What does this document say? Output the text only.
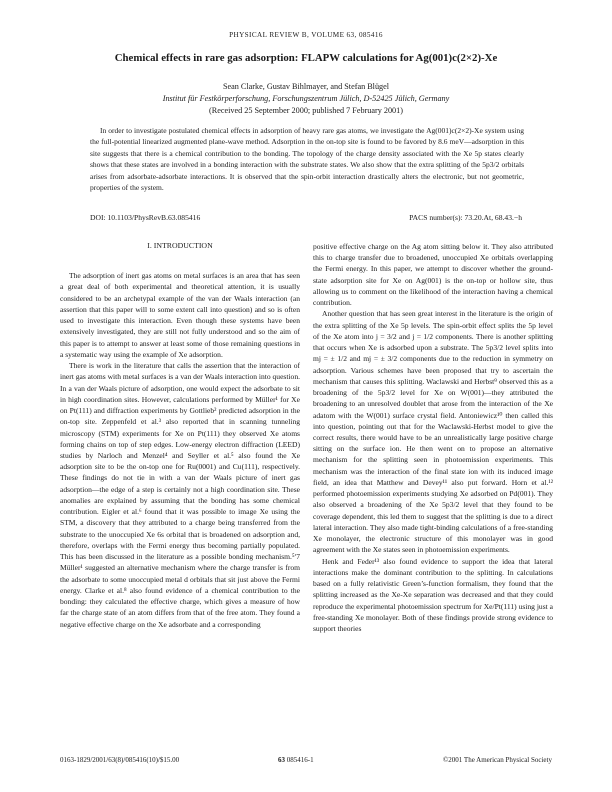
PHYSICAL REVIEW B, VOLUME 63, 085416
Chemical effects in rare gas adsorption: FLAPW calculations for Ag(001)c(2×2)-Xe
Sean Clarke, Gustav Bihlmayer, and Stefan Blügel
Institut für Festkörperforschung, Forschungszentrum Jülich, D-52425 Jülich, Germany
(Received 25 September 2000; published 7 February 2001)
In order to investigate postulated chemical effects in adsorption of heavy rare gas atoms, we investigate the Ag(001)c(2×2)-Xe system using the full-potential linearized augmented plane-wave method. Adsorption in the on-top site is found to be favored by 8.6 meV—adsorption in this site suggests that there is a chemical contribution to the bonding. The topology of the charge density associated with the Xe 5p states clearly shows that these states are involved in a bonding interaction with the substrate states. We also show that the extra splitting of the 5p3/2 orbitals arises from adsorbate-adsorbate interactions. It is observed that the spin-orbit interaction drastically alters the electronic, but not geometric, properties of the system.
DOI: 10.1103/PhysRevB.63.085416	PACS number(s): 73.20.At, 68.43.−h
I. INTRODUCTION

The adsorption of inert gas atoms on metal surfaces is an area that has seen a great deal of both experimental and theoretical attention, it is usually considered to be an archetypal example of the van der Waals interaction (an assertion that this paper will to some extent call into question) and so is often used to investigate this interaction. Even though these systems have been extensively investigated, they are still not fully understood and so the aim of this paper is to attempt to answer at least some of those remaining questions in a systematic way using the example of Xe adsorption.

There is work in the literature that calls the assertion that the interaction of inert gas atoms with metal surfaces is a van der Waals interaction into question. In a van der Waals picture of adsorption, one would expect the adsorbate to sit in high coordination sites. However, calculations performed by Müller¹ for Xe on Pt(111) and diffraction experiments by Gottlieb² predicted adsorption in the on-top site. Zeppenfeld et al.³ also reported that in scanning tunneling microscopy (STM) experiments for Xe on Pt(111) they observed Xe atoms forming chains on top of step edges. Low-energy electron diffraction (LEED) studies by Narloch and Menzel⁴ and Seyller et al.⁵ also found the Xe adsorption site to be the on-top one for Ru(0001) and Cu(111), respectively. These findings do not tie in with a van der Waals picture of inert gas adsorption—the edge of a step is certainly not a high coordination site. These anomalies are explained by assuming that the bonding has some chemical contribution. Eigler et al.⁶ found that it was possible to image Xe using the STM, a discovery that they attributed to a charge being transferred from the substrate to the unoccupied Xe 6s orbital that is broadened on adsorption and, therefore, overlaps with the Fermi energy thus becoming partially populated. This has been discussed in the literature as a possible bonding mechanism.⁵ʹ7 Müller¹ suggested an alternative mechanism where the charge transfer is from the adsorbate to some unoccupied metal d orbitals that sit just above the Fermi energy. Clarke et al.⁸ also found evidence of a chemical contribution to the bonding: they calculated the effective charge, which gives a measure of how far the charge state of an atom differs from that of the free atom. They found a negative effective charge on the Xe adsorbate and a corresponding

positive effective charge on the Ag atom sitting below it. They also attributed this to charge transfer due to broadened, unoccupied Xe orbitals overlapping the Fermi energy. In this paper, we attempt to discover whether the ground-state adsorption site for Xe on Ag(001) is the on-top or hollow site, thus allowing us to comment on the likelihood of the interaction having a chemical contribution.

Another question that has seen great interest in the literature is the origin of the extra splitting of the Xe 5p levels. The spin-orbit effect splits the 5p level of the Xe atom into j = 3/2 and j = 1/2 components. There is another splitting that occurs when Xe is adsorbed upon a substrate. The 5p3/2 level splits into mj = ± 1/2 and mj = ± 3/2 components due to the reduction in symmetry on adsorption. Various schemes have been proposed that try to ascertain the mechanism that causes this splitting. Waclawski and Herbst⁹ observed this as a broadening of the 5p3/2 level for Xe on W(001)—they attributed the broadening to an unresolved doublet that arose from the interaction of the Xe adatom with the W(001) surface crystal field. Antoniewicz¹⁰ then called this into question, pointing out that for the Waclawski-Herbst model to give the correct results, there would have to be an unrealistically large positive charge sitting on the surface ion. He then went on to propose an alternative mechanism for the splitting seen in photoemission experiments. This mechanism was the interaction of the final state ion with its induced image field, an idea that Matthew and Devey¹¹ also put forward. Horn et al.¹² performed photoemission experiments studying Xe adsorbed on Pd(001). They also observed a broadening of the Xe 5p3/2 level that they found to be coverage dependent, this led them to suggest that the splitting is due to a direct lateral interaction. They also made tight-binding calculations of a free-standing Xe monolayer, the electronic structure of this monolayer was in good agreement with the Xe states seen in photoemission experiments.

Henk and Feder¹³ also found evidence to support the idea that lateral interactions make the dominant contribution to the splitting. In calculations based on a fully relativistic Green’s-function formalism, they found that the splitting increased as the Xe-Xe separation was decreased and that they could reproduce the experimental photoemission spectrum for Xe/Pt(111) using just a free-standing Xe monolayer. Both of these findings provide strong evidence to support theories

0163-1829/2001/63(8)/085416(10)/$15.00	63 085416-1	©2001 The American Physical Society
